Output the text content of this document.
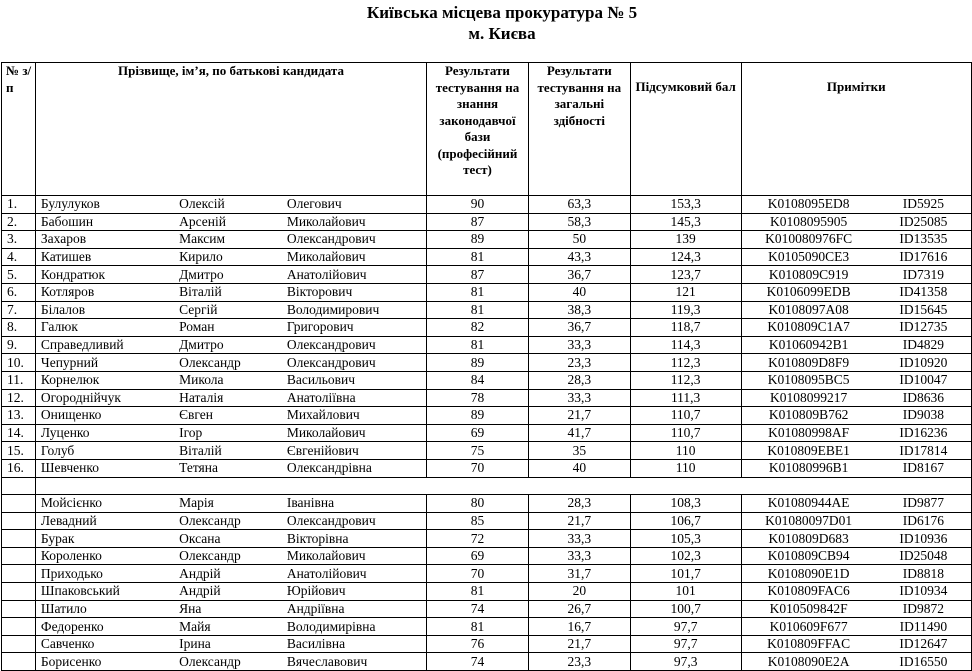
Київська місцева прокуратура № 5
м. Києва
№ з/п	Прізвище, ім’я, по батькові кандидата			Результати тестування на знання законодавчої бази (професійний тест)	Результати тестування на загальні здібності	Підсумковий бал	Примітки	
1.	Булулуков	Олексій	Олегович	90	63,3	153,3	K0108095ED8	ID5925
2.	Бабошин	Арсеній	Миколайович	87	58,3	145,3	K0108095905	ID25085
3.	Захаров	Максим	Олександрович	89	50	139	K010080976FC	ID13535
4.	Катишев	Кирило	Миколайович	81	43,3	124,3	K0105090CE3	ID17616
5.	Кондратюк	Дмитро	Анатолійович	87	36,7	123,7	K010809C919	ID7319
6.	Котляров	Віталій	Вікторович	81	40	121	K0106099EDB	ID41358
7.	Білалов	Сергій	Володимирович	81	38,3	119,3	K0108097A08	ID15645
8.	Галюк	Роман	Григорович	82	36,7	118,7	K010809C1A7	ID12735
9.	Справедливий	Дмитро	Олександрович	81	33,3	114,3	K01060942B1	ID4829
10.	Чепурний	Олександр	Олександрович	89	23,3	112,3	K010809D8F9	ID10920
11.	Корнелюк	Микола	Васильович	84	28,3	112,3	K0108095BC5	ID10047
12.	Огороднійчук	Наталія	Анатоліївна	78	33,3	111,3	K0108099217	ID8636
13.	Онищенко	Євген	Михайлович	89	21,7	110,7	K010809B762	ID9038
14.	Луценко	Ігор	Миколайович	69	41,7	110,7	K01080998AF	ID16236
15.	Голуб	Віталій	Євгенійович	75	35	110	K010809EBE1	ID17814
16.	Шевченко	Тетяна	Олександрівна	70	40	110	K01080996B1	ID8167

	Мойсієнко	Марія	Іванівна	80	28,3	108,3	K01080944AE	ID9877
	Левадний	Олександр	Олександрович	85	21,7	106,7	K01080097D01	ID6176
	Бурак	Оксана	Вікторівна	72	33,3	105,3	K010809D683	ID10936
	Короленко	Олександр	Миколайович	69	33,3	102,3	K010809CB94	ID25048
	Приходько	Андрій	Анатолійович	70	31,7	101,7	K0108090E1D	ID8818
	Шпаковський	Андрій	Юрійович	81	20	101	K010809FAC6	ID10934
	Шатило	Яна	Андріївна	74	26,7	100,7	K010509842F	ID9872
	Федоренко	Майя	Володимирівна	81	16,7	97,7	K010609F677	ID11490
	Савченко	Ірина	Василівна	76	21,7	97,7	K010809FFAC	ID12647
	Борисенко	Олександр	Вячеславович	74	23,3	97,3	K0108090E2A	ID16550
